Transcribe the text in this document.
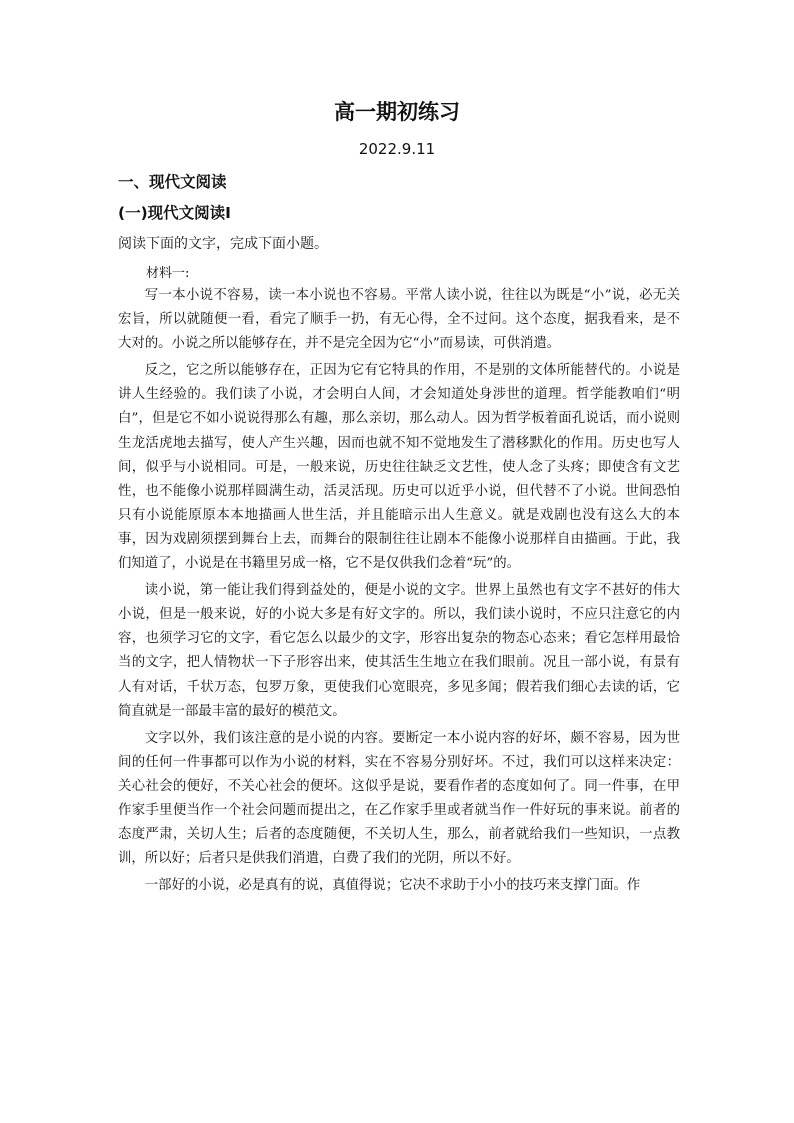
高一期初练习
2022.9.11
一、现代文阅读
(一)现代文阅读Ⅰ
阅读下面的文字，完成下面小题。
材料一:

写一本小说不容易，读一本小说也不容易。平常人读小说，往往以为既是“小”说，必无关宏旨，所以就随便一看，看完了顺手一扔，有无心得，全不过问。这个态度，据我看来，是不大对的。小说之所以能够存在，并不是完全因为它“小”而易读，可供消遣。

反之，它之所以能够存在，正因为它有它特具的作用，不是别的文体所能替代的。小说是讲人生经验的。我们读了小说，才会明白人间，才会知道处身涉世的道理。哲学能教咱们“明白”，但是它不如小说说得那么有趣，那么亲切，那么动人。因为哲学板着面孔说话，而小说则生龙活虎地去描写，使人产生兴趣，因而也就不知不觉地发生了潜移默化的作用。历史也写人间，似乎与小说相同。可是，一般来说，历史往往缺乏文艺性，使人念了头疼；即使含有文艺性，也不能像小说那样圆满生动，活灵活现。历史可以近乎小说，但代替不了小说。世间恐怕只有小说能原原本本地描画人世生活，并且能暗示出人生意义。就是戏剧也没有这么大的本事，因为戏剧须摆到舞台上去，而舞台的限制往往让剧本不能像小说那样自由描画。于此，我们知道了，小说是在书籍里另成一格，它不是仅供我们念着“玩”的。

读小说，第一能让我们得到益处的，便是小说的文字。世界上虽然也有文字不甚好的伟大小说，但是一般来说，好的小说大多是有好文字的。所以，我们读小说时，不应只注意它的内容，也须学习它的文字，看它怎么以最少的文字，形容出复杂的物态心态来；看它怎样用最恰当的文字，把人情物状一下子形容出来，使其活生生地立在我们眼前。况且一部小说，有景有人有对话，千状万态，包罗万象，更使我们心宽眼亮，多见多闻；假若我们细心去读的话，它简直就是一部最丰富的最好的模范文。

文字以外，我们该注意的是小说的内容。要断定一本小说内容的好坏，颇不容易，因为世间的任何一件事都可以作为小说的材料，实在不容易分别好坏。不过，我们可以这样来决定：关心社会的便好，不关心社会的便坏。这似乎是说，要看作者的态度如何了。同一件事，在甲作家手里便当作一个社会问题而提出之，在乙作家手里或者就当作一件好玩的事来说。前者的态度严肃，关切人生；后者的态度随便，不关切人生，那么，前者就给我们一些知识，一点教训，所以好；后者只是供我们消遣，白费了我们的光阴，所以不好。

一部好的小说，必是真有的说，真值得说；它决不求助于小小的技巧来支撑门面。作
